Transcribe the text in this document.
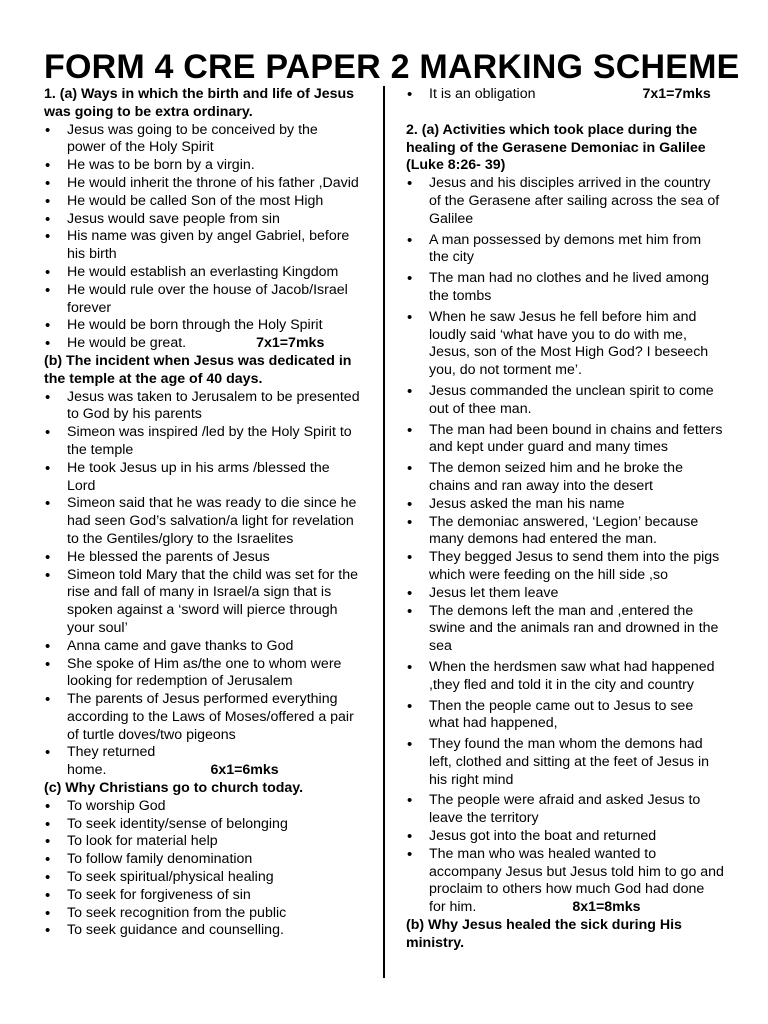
FORM 4 CRE PAPER 2 MARKING SCHEME

1. (a) Ways in which the birth and life of Jesus was going to be extra ordinary.

• Jesus was going to be conceived by the power of the Holy Spirit
• He was to be born by a virgin.
• He would inherit the throne of his father ,David
• He would be called Son of the most High
• Jesus would save people from sin
• His name was given by angel Gabriel, before his birth
• He would establish an everlasting Kingdom
• He would rule over the house of Jacob/Israel forever
• He would be born through the Holy Spirit
• He would be great.	7x1=7mks

(b) The incident when Jesus was dedicated in the temple at the age of 40 days.

• Jesus was taken to Jerusalem to be presented to God by his parents
• Simeon was inspired /led by the Holy Spirit to the temple
• He took Jesus up in his arms /blessed the Lord
• Simeon said that he was ready to die since he had seen God’s salvation/a light for revelation to the Gentiles/glory to the Israelites
• He blessed the parents of Jesus
• Simeon told Mary that the child was set for the rise and fall of many in Israel/a sign that is spoken against a ‘sword will pierce through your soul’
• Anna came and gave thanks to God
• She spoke of Him as/the one to whom were looking for redemption of Jerusalem
• The parents of Jesus performed everything according to the Laws of Moses/offered a pair of turtle doves/two pigeons
• They returned home.	6x1=6mks

(c) Why Christians go to church today.

• To worship God
• To seek identity/sense of belonging
• To look for material help
• To follow family denomination
• To seek spiritual/physical healing
• To seek for forgiveness of sin
• To seek recognition from the public
• To seek guidance and counselling.
• It is an obligation	7x1=7mks

2. (a) Activities which took place during the healing of the Gerasene Demoniac in Galilee (Luke 8:26- 39)

• Jesus and his disciples arrived in the country of the Gerasene after sailing across the sea of Galilee
• A man possessed by demons met him from the city
• The man had no clothes and he lived among the tombs
• When he saw Jesus he fell before him and loudly said ‘what have you to do with me, Jesus, son of the Most High God? I beseech you, do not torment me’.
• Jesus commanded the unclean spirit to come out of thee man.
• The man had been bound in chains and fetters and kept under guard and many times
• The demon seized him and he broke the chains and ran away into the desert
• Jesus asked the man his name
• The demoniac answered, ‘Legion’ because many demons had entered the man.
• They begged Jesus to send them into the pigs which were feeding on the hill side ,so
• Jesus let them leave
• The demons left the man and ,entered the swine and the animals ran and drowned in the sea
• When the herdsmen saw what had happened ,they fled and told it in the city and country
• Then the people came out to Jesus to see what had happened,
• They found the man whom the demons had left, clothed and sitting at the feet of Jesus in his right mind
• The people were afraid and asked Jesus to leave the territory
• Jesus got into the boat and returned
• The man who was healed wanted to accompany Jesus but Jesus told him to go and proclaim to others how much God had done for him.	8x1=8mks

(b) Why Jesus healed the sick during His ministry.
